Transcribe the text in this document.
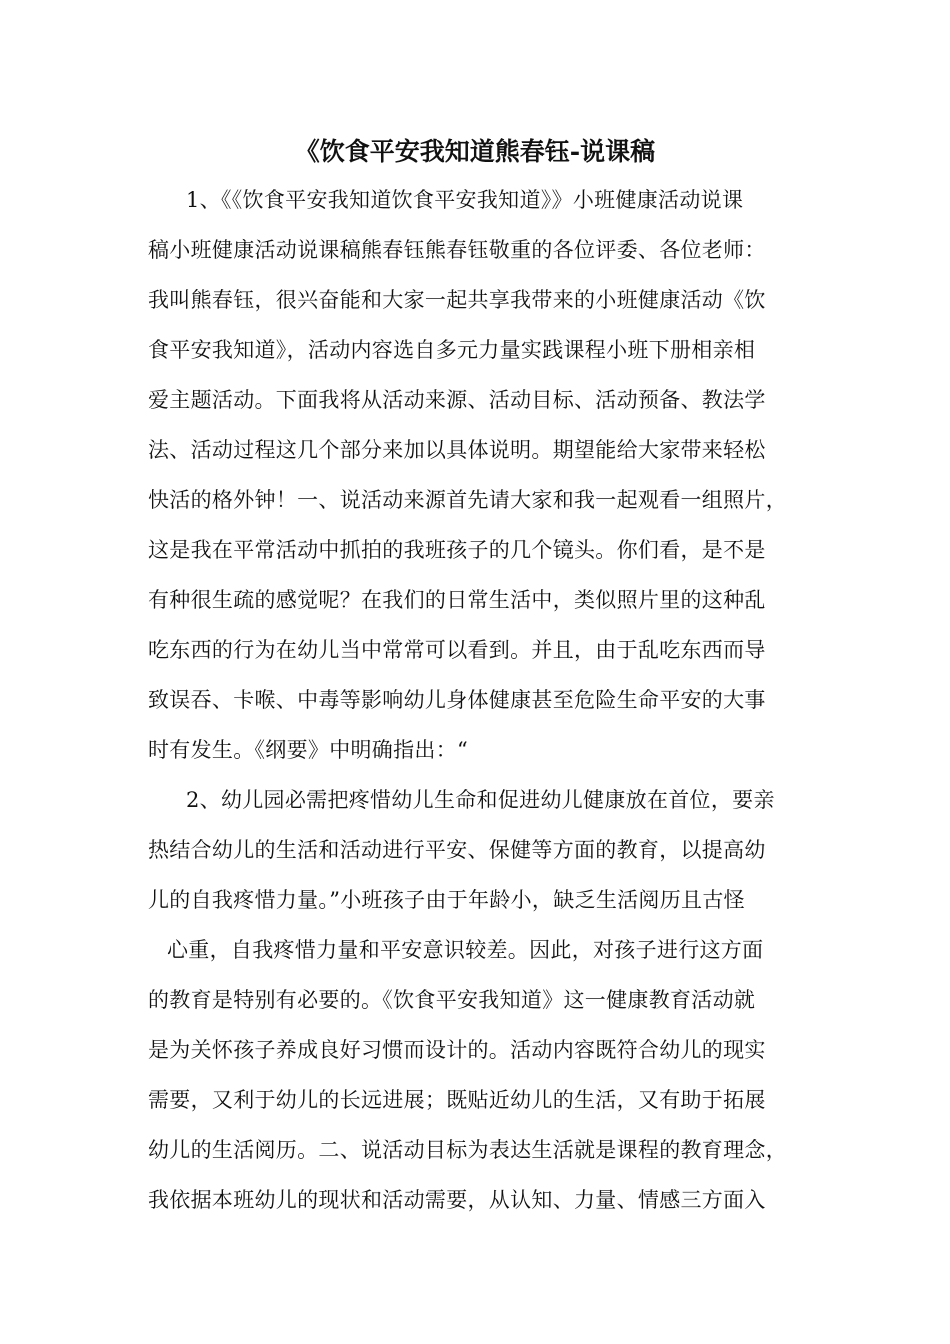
《饮食平安我知道熊春钰-说课稿
1、《《饮食平安我知道饮食平安我知道》》小班健康活动说课
稿小班健康活动说课稿熊春钰熊春钰敬重的各位评委、各位老师：
我叫熊春钰，很兴奋能和大家一起共享我带来的小班健康活动《饮
食平安我知道》，活动内容选自多元力量实践课程小班下册相亲相
爱主题活动。下面我将从活动来源、活动目标、活动预备、教法学
法、活动过程这几个部分来加以具体说明。期望能给大家带来轻松
快活的格外钟！一、说活动来源首先请大家和我一起观看一组照片，
这是我在平常活动中抓拍的我班孩子的几个镜头。你们看，是不是
有种很生疏的感觉呢？在我们的日常生活中，类似照片里的这种乱
吃东西的行为在幼儿当中常常可以看到。并且，由于乱吃东西而导
致误吞、卡喉、中毒等影响幼儿身体健康甚至危险生命平安的大事
时有发生。《纲要》中明确指出：“
2、幼儿园必需把疼惜幼儿生命和促进幼儿健康放在首位，要亲
热结合幼儿的生活和活动进行平安、保健等方面的教育，以提高幼
儿的自我疼惜力量。”小班孩子由于年龄小，缺乏生活阅历且古怪
心重，自我疼惜力量和平安意识较差。因此，对孩子进行这方面
的教育是特别有必要的。《饮食平安我知道》这一健康教育活动就
是为关怀孩子养成良好习惯而设计的。活动内容既符合幼儿的现实
需要，又利于幼儿的长远进展；既贴近幼儿的生活，又有助于拓展
幼儿的生活阅历。二、说活动目标为表达生活就是课程的教育理念，
我依据本班幼儿的现状和活动需要，从认知、力量、情感三方面入
